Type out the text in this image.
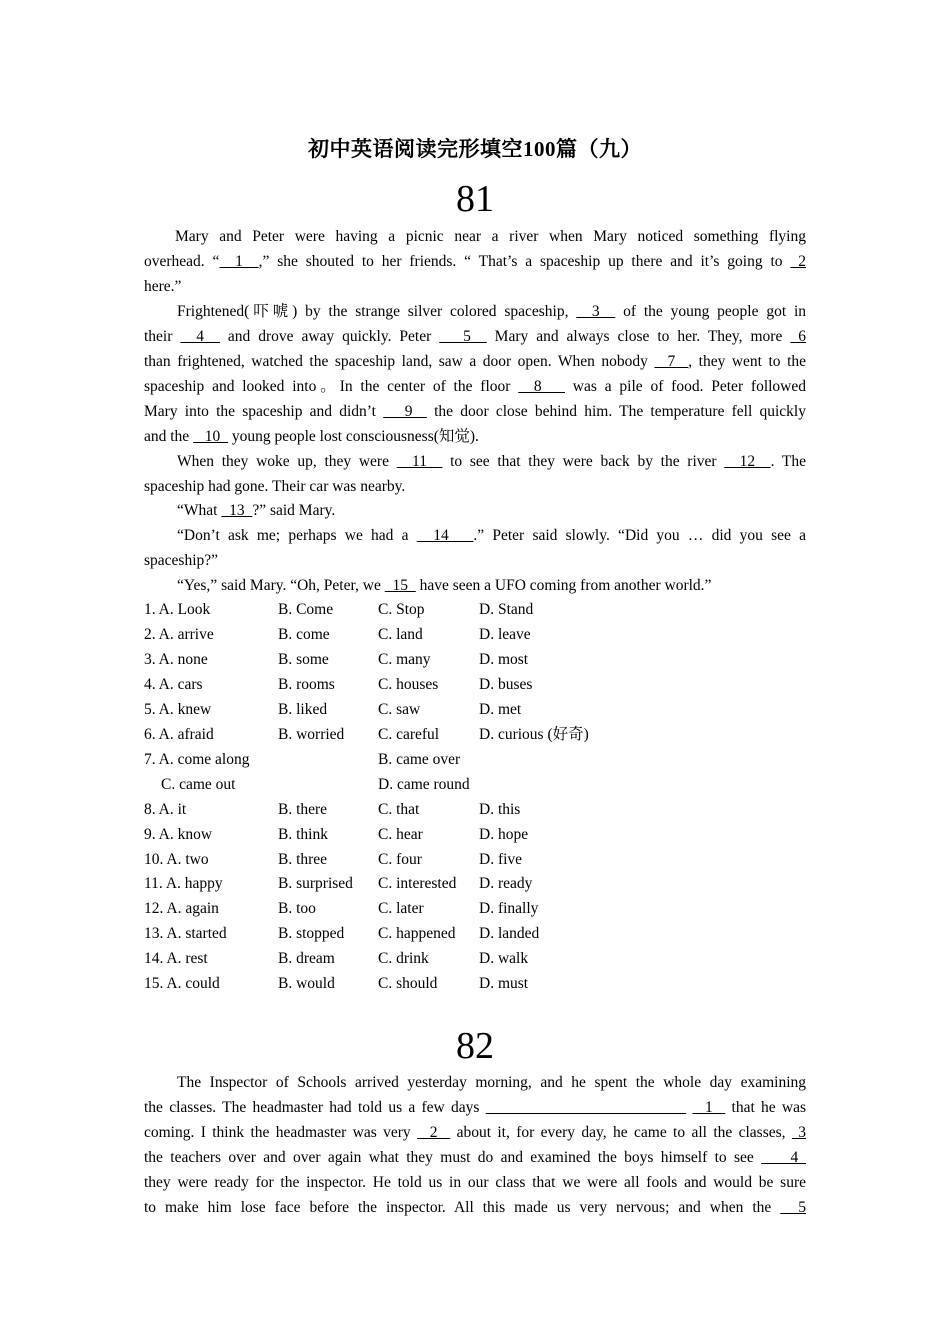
初中英语阅读完形填空100篇（九）
81
Mary and Peter were having a picnic near a river when Mary noticed something flying
overhead. “  1  ,” she shouted to her friends. “ That’s a spaceship up there and it’s going to  2
here.”
Frightened(吓唬) by the strange silver colored spaceship,   3   of the young people got in
their   4   and drove away quickly. Peter    5   Mary and always close to her. They, more  6
than frightened, watched the spaceship land, saw a door open. When nobody   7  , they went to the
spaceship and looked into。In the center of the floor   8    was a pile of food. Peter followed
Mary into the spaceship and didn’t    9   the door close behind him. The temperature fell quickly
and the    10   young people lost consciousness(知觉).
When they woke up, they were   11   to see that they were back by the river   12  . The
spaceship had gone. Their car was nearby.
“What   13  ?” said Mary.
“Don’t ask me; perhaps we had a   14   .” Peter said slowly. “Did you … did you see a
spaceship?”
“Yes,” said Mary. “Oh, Peter, we   15   have seen a UFO coming from another world.”
1. A. Look	B. Come	C. Stop	D. Stand
2. A. arrive	B. come	C. land	D. leave
3. A. none	B. some	C. many	D. most
4. A. cars	B. rooms	C. houses	D. buses
5. A. knew	B. liked	C. saw	D. met
6. A. afraid	B. worried C. careful	D. curious (好奇)
7. A. come along	B. came over
C. came out	D. came round
8. A. it	B. there	C. that	D. this
9. A. know	B. think	C. hear	D. hope
10. A. two	B. three	C. four	D. five
11. A. happy	B. surprised C. interested D. ready
12. A. again	B. too	C. later	D. finally
13. A. started	B. stopped C. happened D. landed
14. A. rest	B. dream	C. drink	D. walk
15. A. could	B. would	C. should	D. must
82
The Inspector of Schools arrived yesterday morning, and he spent the whole day examining
the classes. The headmaster had told us a few days	1   that he was
coming. I think the headmaster was very   2   about it, for every day, he came to all the classes,  3
the teachers over and over again what they must do and examined the boys himself to see     4
they were ready for the inspector. He told us in our class that we were all fools and would be sure
to make him lose face before the inspector. All this made us very nervous; and when the   5
